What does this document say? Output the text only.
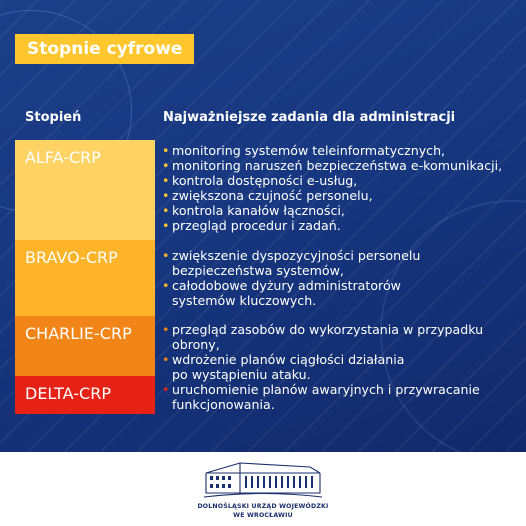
Stopnie cyfrowe
Stopień	Najważniejsze zadania dla administracji
ALFA-CRP
BRAVO-CRP
CHARLIE-CRP
DELTA-CRP
• monitoring systemów teleinformatycznych,
• monitoring naruszeń bezpieczeństwa e-komunikacji,
• kontrola dostępności e-usług,
• zwiększona czujność personelu,
• kontrola kanałów łączności,
• przegląd procedur i zadań.
• zwiększenie dyspozycyjności personelu
bezpieczeństwa systemów,
• całodobowe dyżury administratorów
systemów kluczowych.
• przegląd zasobów do wykorzystania w przypadku obrony,
• wdrożenie planów ciągłości działania
po wystąpieniu ataku.
• uruchomienie planów awaryjnych i przywracanie
funkcjonowania.
DOLNOŚLĄSKI URZĄD WOJEWÓDZKI
WE WROCŁAWIU
